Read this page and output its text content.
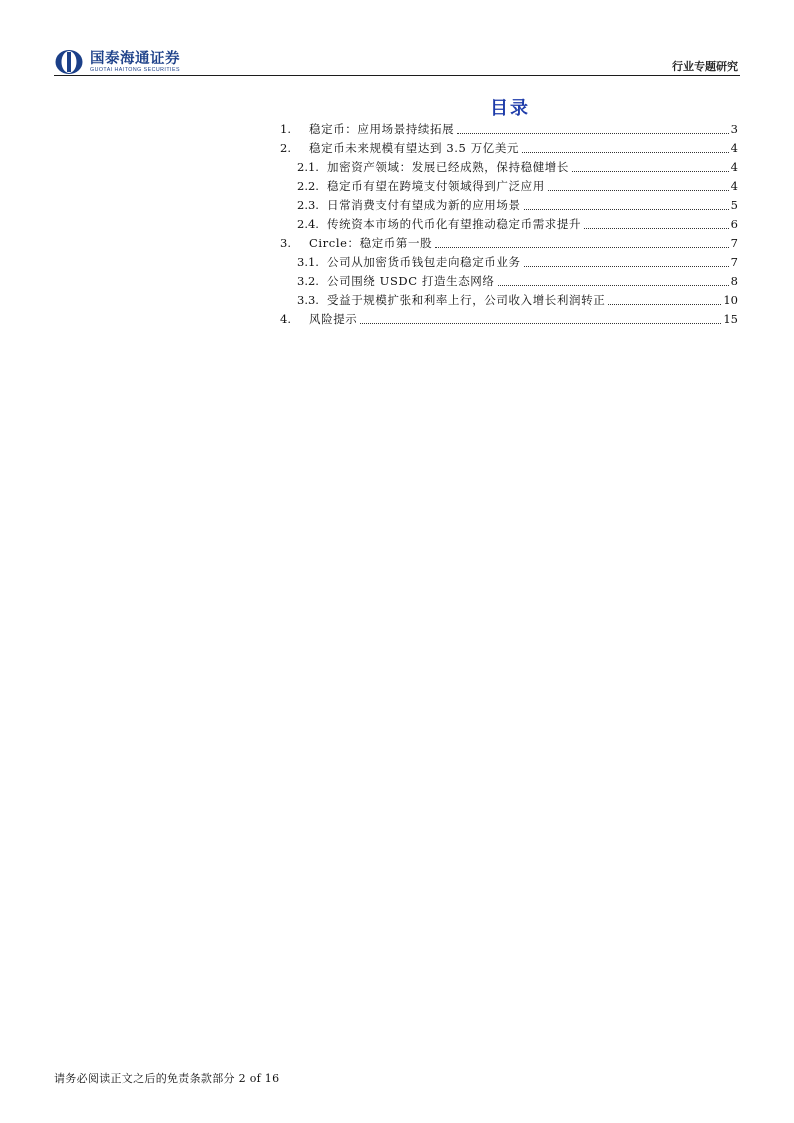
国泰海通证券
GUOTAI HAITONG SECURITIES	行业专题研究
目录
1.	稳定币：应用场景持续拓展	3
2.	稳定币未来规模有望达到 3.5 万亿美元	4
2.1. 加密资产领域：发展已经成熟，保持稳健增长	4
2.2. 稳定币有望在跨境支付领域得到广泛应用	4
2.3. 日常消费支付有望成为新的应用场景	5
2.4. 传统资本市场的代币化有望推动稳定币需求提升	6
3.	Circle：稳定币第一股	7
3.1. 公司从加密货币钱包走向稳定币业务	7
3.2. 公司围绕 USDC 打造生态网络	8
3.3. 受益于规模扩张和利率上行，公司收入增长利润转正	10
4.	风险提示	15
请务必阅读正文之后的免责条款部分 2 of 16
